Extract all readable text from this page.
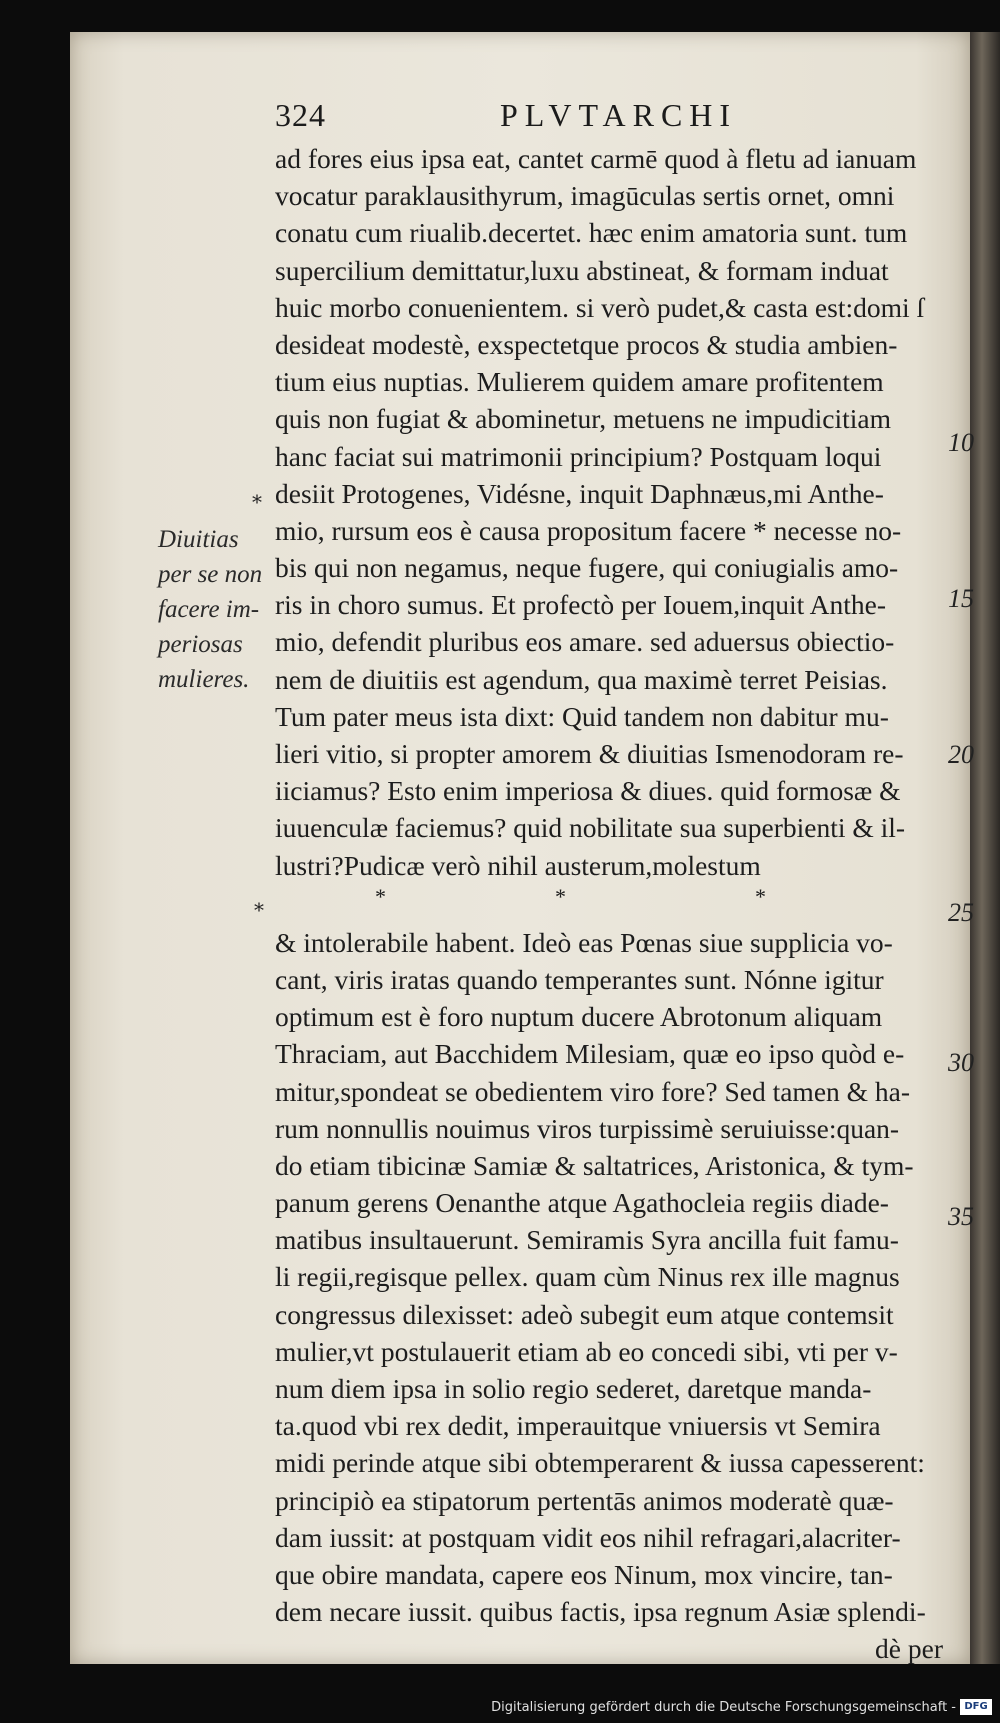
324	PLVTARCHI
Diuitias
per se non
facere im-
periosas
mulieres.
ad fores eius ipsa eat, cantet carmē quod à fletu ad ianuam
vocatur paraklausithyrum, imagūculas sertis ornet, omni
conatu cum riualib.decertet. hæc enim amatoria sunt. tum
supercilium demittatur,luxu abstineat, & formam induat
huic morbo conuenientem. si verò pudet,& casta est:domi ſ
desideat modestè, exspectetque procos & studia ambien-
tium eius nuptias. Mulierem quidem amare profitentem
quis non fugiat & abominetur, metuens ne impudicitiam
hanc faciat sui matrimonii principium? Postquam loqui
desiit Protogenes, Vidésne, inquit Daphnæus,mi Anthe-
mio, rursum eos è causa propositum facere * necesse no-
bis qui non negamus, neque fugere, qui coniugialis amo-
ris in choro sumus. Et profectò per Iouem,inquit Anthe-
mio, defendit pluribus eos amare. sed aduersus obiectio-
nem de diuitiis est agendum, qua maximè terret Peisias.
Tum pater meus ista dixt: Quid tandem non dabitur mu-
lieri vitio, si propter amorem & diuitias Ismenodoram re-
iiciamus? Esto enim imperiosa & diues. quid formosæ &
iuuenculæ faciemus? quid nobilitate sua superbienti & il-
lustri?Pudicæ verò nihil austerum,molestum
*	*	*
& intolerabile habent. Ideò eas Pœnas siue supplicia vo-
cant, viris iratas quando temperantes sunt. Nónne igitur
optimum est è foro nuptum ducere Abrotonum aliquam
Thraciam, aut Bacchidem Milesiam, quæ eo ipso quòd e-
mitur,spondeat se obedientem viro fore? Sed tamen & ha-
rum nonnullis nouimus viros turpissimè seruiuisse:quan-
do etiam tibicinæ Samiæ & saltatrices, Aristonica, & tym-
panum gerens Oenanthe atque Agathocleia regiis diade-
matibus insultauerunt. Semiramis Syra ancilla fuit famu-
li regii,regisque pellex. quam cùm Ninus rex ille magnus
congressus dilexisset: adeò subegit eum atque contemsit
mulier,vt postulauerit etiam ab eo concedi sibi, vti per v-
num diem ipsa in solio regio sederet, daretque manda-
ta.quod vbi rex dedit, imperauitque vniuersis vt Semira
midi perinde atque sibi obtemperarent & iussa capesserent:
principiò ea stipatorum pertentās animos moderatè quæ-
dam iussit: at postquam vidit eos nihil refragari,alacriter-
que obire mandata, capere eos Ninum, mox vincire, tan-
dem necare iussit. quibus factis, ipsa regnum Asiæ splendi-
dè per
10
15
20
25
30
35
*
*
Digitalisierung gefördert durch die Deutsche Forschungsgemeinschaft - DFG
